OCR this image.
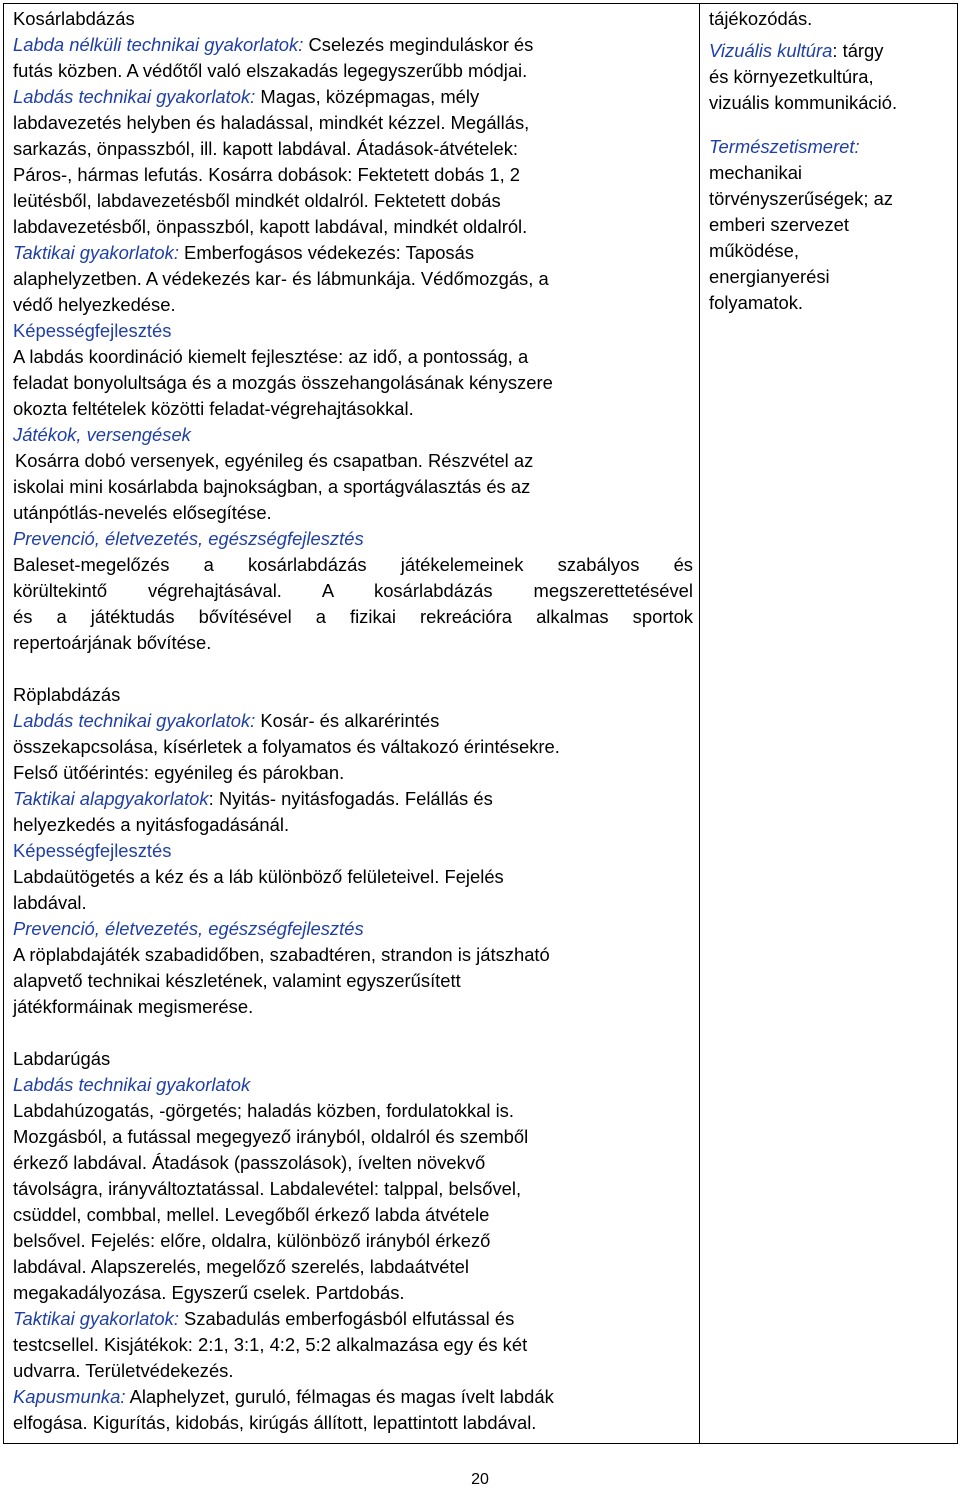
Kosárlabdázás
Labda nélküli technikai gyakorlatok: Cselezés meginduláskor és
futás közben. A védőtől való elszakadás legegyszerűbb módjai.
Labdás technikai gyakorlatok: Magas, középmagas, mély
labdavezetés helyben és haladással, mindkét kézzel. Megállás,
sarkazás, önpasszból, ill. kapott labdával. Átadások-átvételek:
Páros-, hármas lefutás. Kosárra dobások: Fektetett dobás 1, 2
leütésből, labdavezetésből mindkét oldalról. Fektetett dobás
labdavezetésből, önpasszból, kapott labdával, mindkét oldalról.
Taktikai gyakorlatok: Emberfogásos védekezés: Taposás
alaphelyzetben. A védekezés kar- és lábmunkája. Védőmozgás, a
védő helyezkedése.
Képességfejlesztés
A labdás koordináció kiemelt fejlesztése: az idő, a pontosság, a
feladat bonyolultsága és a mozgás összehangolásának kényszere
okozta feltételek közötti feladat-végrehajtásokkal.
Játékok, versengések
Kosárra dobó versenyek, egyénileg és csapatban. Részvétel az
iskolai mini kosárlabda bajnokságban, a sportágválasztás és az
utánpótlás-nevelés elősegítése.
Prevenció, életvezetés, egészségfejlesztés
Baleset-megelőzés a kosárlabdázás játékelemeinek szabályos és
körültekintő végrehajtásával. A kosárlabdázás megszerettetésével
és a játéktudás bővítésével a fizikai rekreációra alkalmas sportok
repertoárjának bővítése.
Röplabdázás
Labdás technikai gyakorlatok: Kosár- és alkarérintés
összekapcsolása, kísérletek a folyamatos és váltakozó érintésekre.
Felső ütőérintés: egyénileg és párokban.
Taktikai alapgyakorlatok: Nyitás- nyitásfogadás. Felállás és
helyezkedés a nyitásfogadásánál.
Képességfejlesztés
Labdaütögetés a kéz és a láb különböző felületeivel. Fejelés
labdával.
Prevenció, életvezetés, egészségfejlesztés
A röplabdajáték szabadidőben, szabadtéren, strandon is játszható
alapvető technikai készletének, valamint egyszerűsített
játékformáinak megismerése.
Labdarúgás
Labdás technikai gyakorlatok
Labdahúzogatás, -görgetés; haladás közben, fordulatokkal is.
Mozgásból, a futással megegyező irányból, oldalról és szemből
érkező labdával. Átadások (passzolások), ívelten növekvő
távolságra, irányváltoztatással. Labdalevétel: talppal, belsővel,
csüddel, combbal, mellel. Levegőből érkező labda átvétele
belsővel. Fejelés: előre, oldalra, különböző irányból érkező
labdával. Alapszerelés, megelőző szerelés, labdaátvétel
megakadályozása. Egyszerű cselek. Partdobás.
Taktikai gyakorlatok: Szabadulás emberfogásból elfutással és
testcsellel. Kisjátékok: 2:1, 3:1, 4:2, 5:2 alkalmazása egy és két
udvarra. Területvédekezés.
Kapusmunka: Alaphelyzet, guruló, félmagas és magas ívelt labdák
elfogása. Kigurítás, kidobás, kirúgás állított, lepattintott labdával.
tájékozódás.
Vizuális kultúra: tárgy
és környezetkultúra,
vizuális kommunikáció.
Természetismeret:
mechanikai
törvényszerűségek; az
emberi szervezet
működése,
energianyerési
folyamatok.
20
